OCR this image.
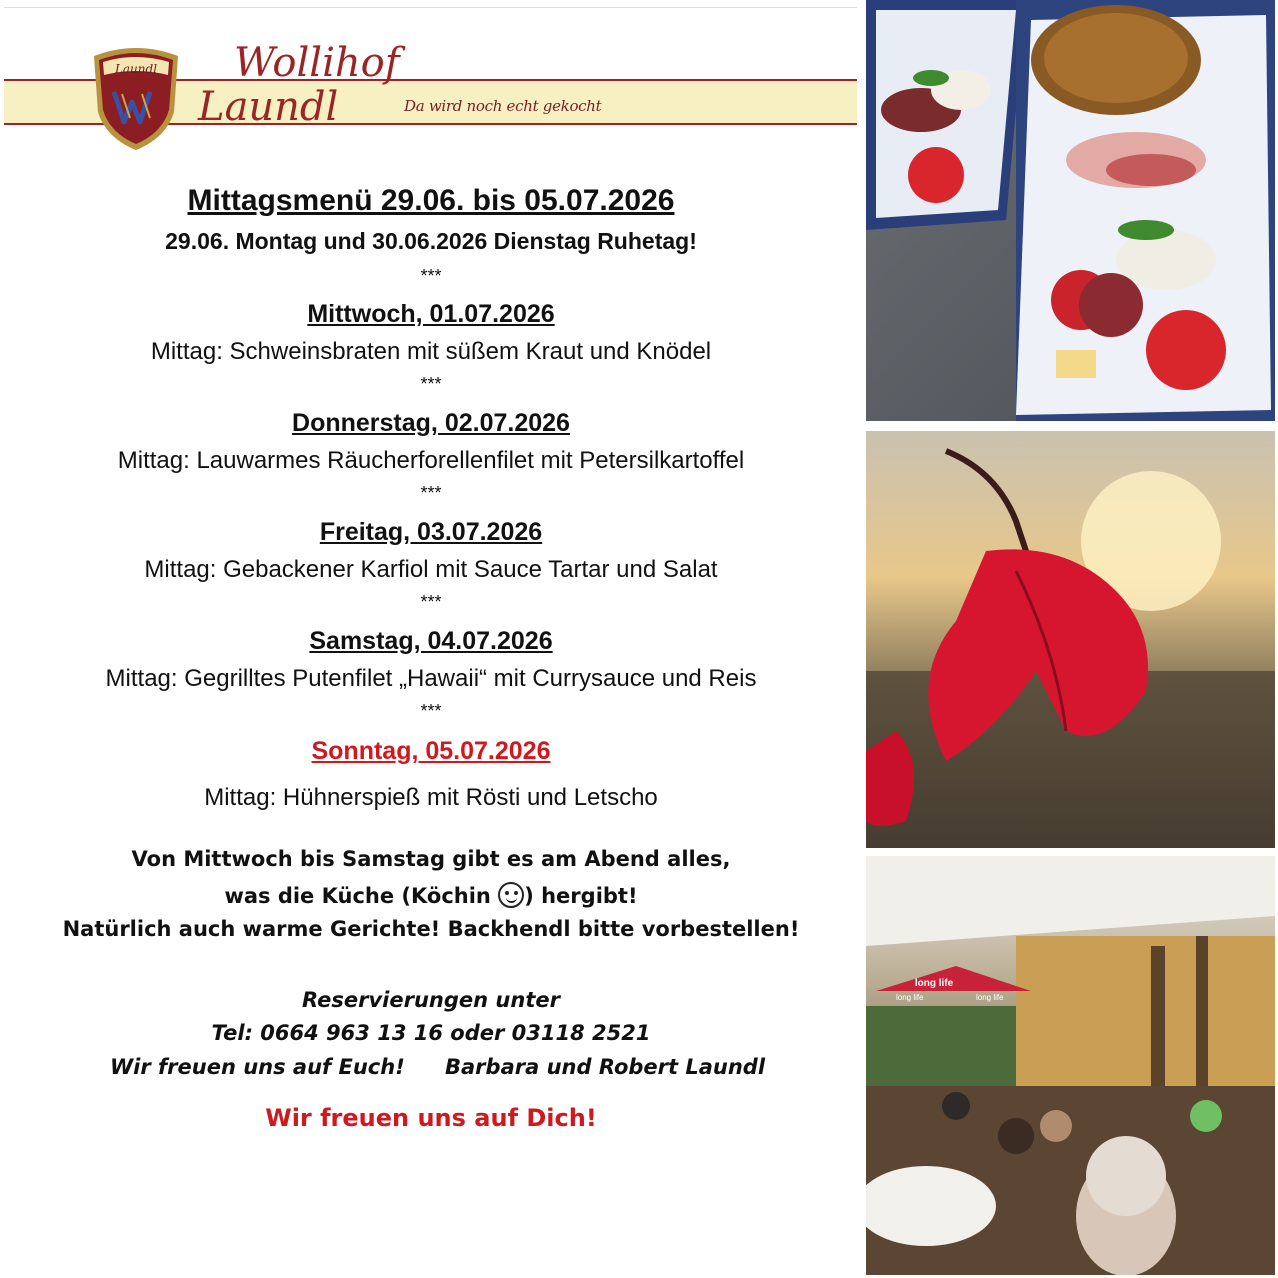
Laundl Wollihof
Laundl	Da wird noch echt gekocht
Mittagsmenü 29.06. bis 05.07.2026
29.06. Montag und 30.06.2026 Dienstag Ruhetag!
***
Mittwoch, 01.07.2026
Mittag: Schweinsbraten mit süßem Kraut und Knödel
***
Donnerstag, 02.07.2026
Mittag: Lauwarmes Räucherforellenfilet mit Petersilkartoffel
***
Freitag, 03.07.2026
Mittag: Gebackener Karfiol mit Sauce Tartar und Salat
***
Samstag, 04.07.2026
Mittag: Gegrilltes Putenfilet „Hawaii“ mit Currysauce und Reis
***
Sonntag, 05.07.2026
Mittag: Hühnerspieß mit Rösti und Letscho
Von Mittwoch bis Samstag gibt es am Abend alles,
was die Küche (Köchin ) hergibt!
Natürlich auch warme Gerichte! Backhendl bitte vorbestellen!
Reservierungen unter
Tel: 0664 963 13 16 oder 03118 2521
Wir freuen uns auf Euch! Barbara und Robert Laundl
Wir freuen uns auf Dich!
long life
long life	long life
